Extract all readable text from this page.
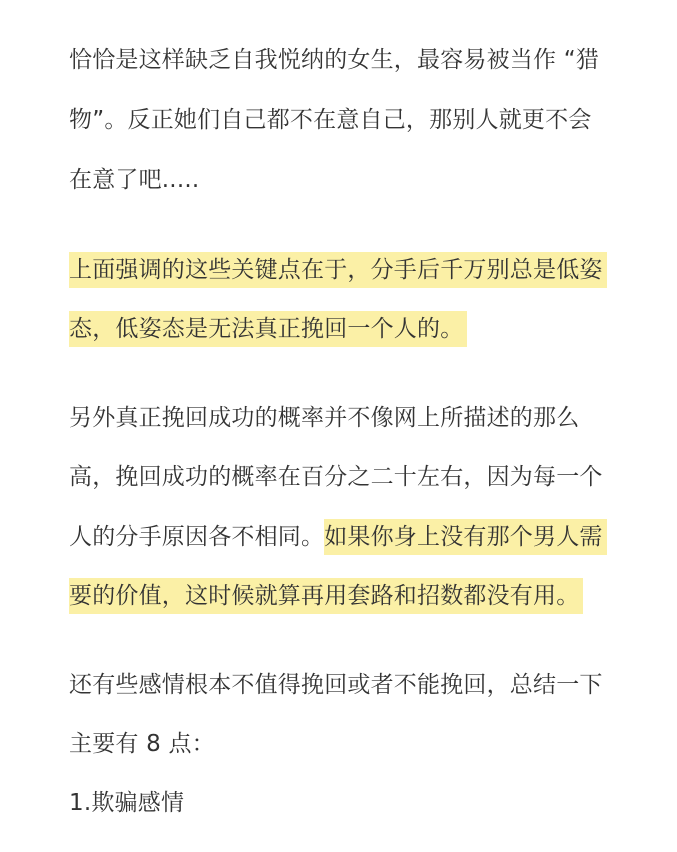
恰恰是这样缺乏自我悦纳的女生，最容易被当作 “猎
物”。反正她们自己都不在意自己，那别人就更不会
在意了吧.....
上面强调的这些关键点在于，分手后千万别总是低姿
态，低姿态是无法真正挽回一个人的。
另外真正挽回成功的概率并不像网上所描述的那么
高，挽回成功的概率在百分之二十左右，因为每一个
人的分手原因各不相同。如果你身上没有那个男人需
要的价值，这时候就算再用套路和招数都没有用。
还有些感情根本不值得挽回或者不能挽回，总结一下
主要有 8 点：
1.欺骗感情
